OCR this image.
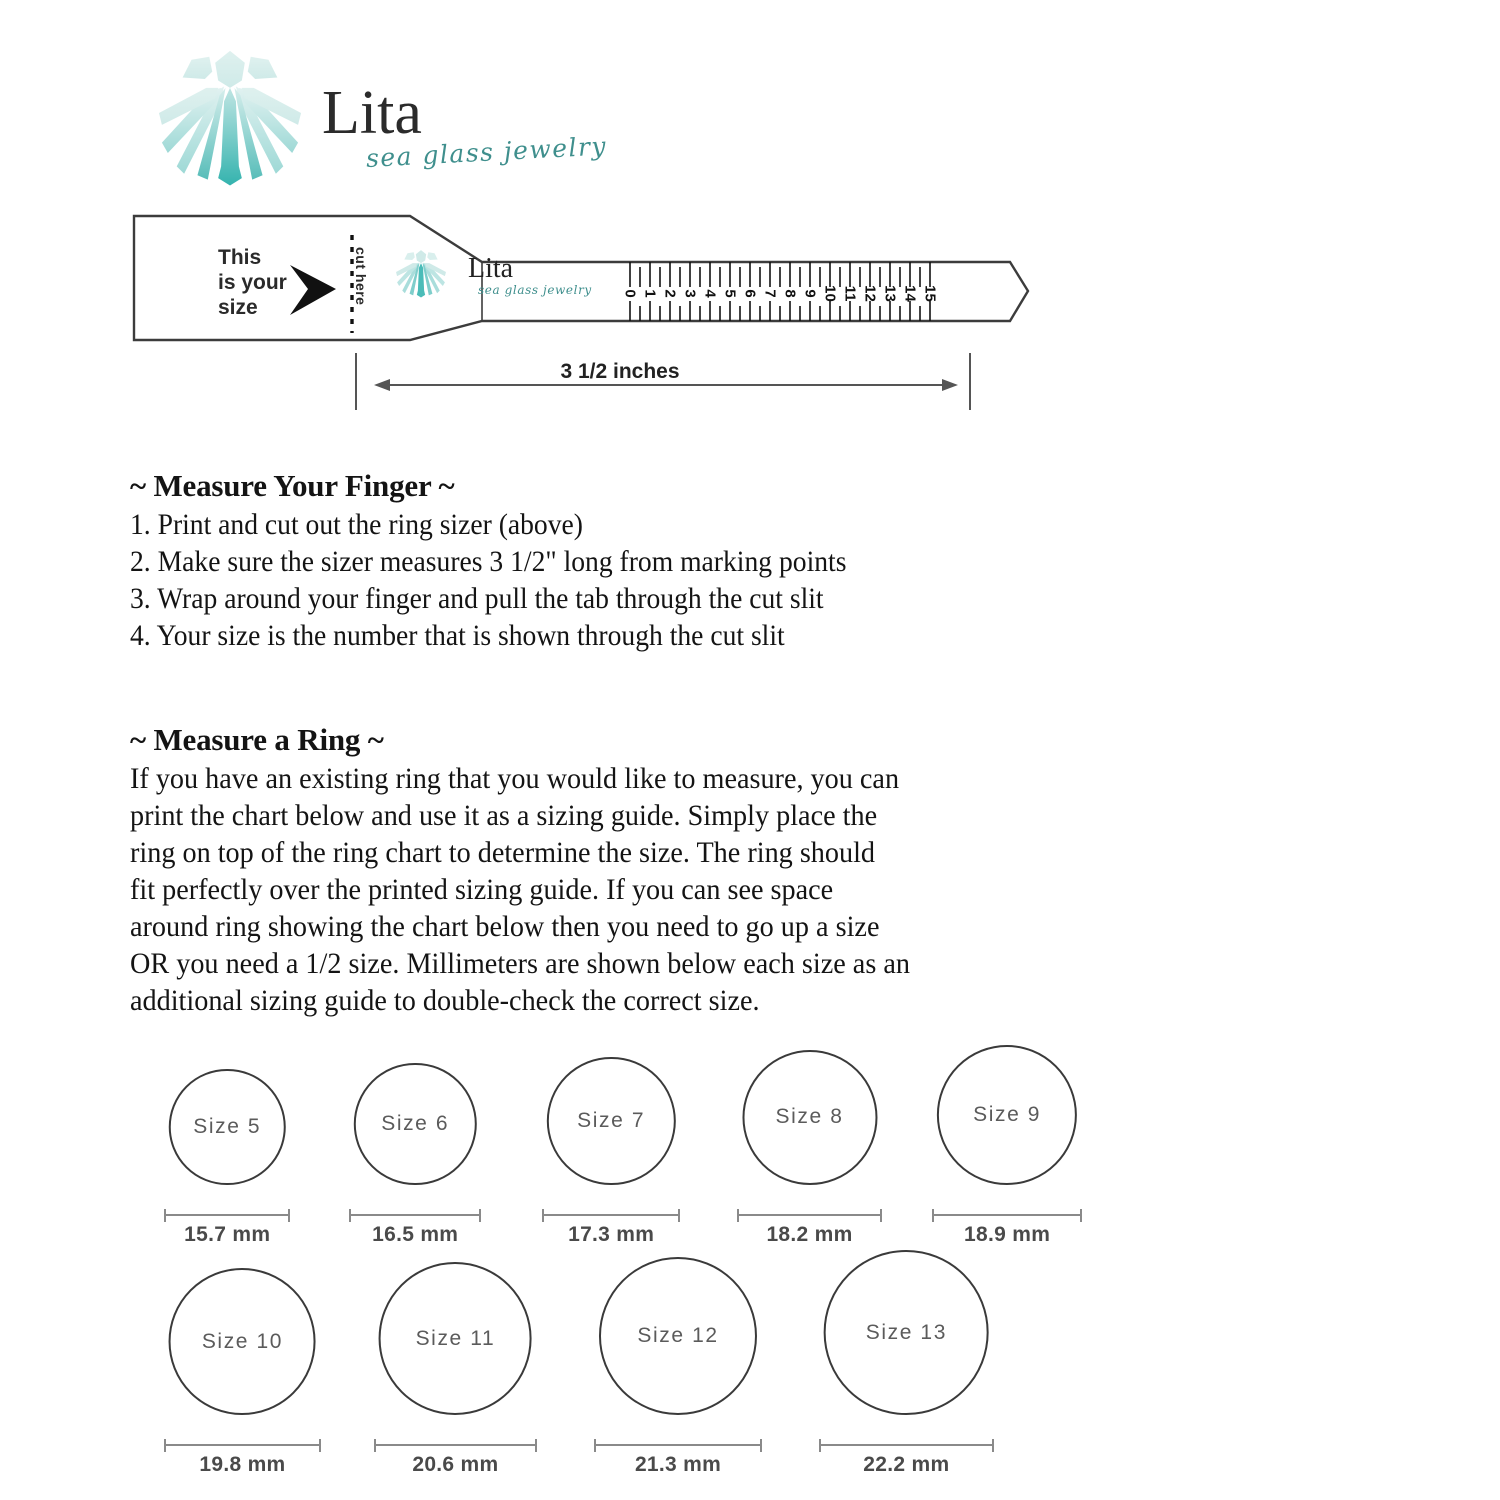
Lita
sea glass jewelry
This
is your
size
cut here	Lita
sea glass jewelry 0 1 2 3 4 5 6 7 8 9 10 11 12 13 14 15
3 1/2 inches
~ Measure Your Finger ~
1. Print and cut out the ring sizer (above)
2. Make sure the sizer measures 3 1/2" long from marking points
3. Wrap around your finger and pull the tab through the cut slit
4. Your size is the number that is shown through the cut slit
~ Measure a Ring ~
If you have an existing ring that you would like to measure, you can
print the chart below and use it as a sizing guide. Simply place the
ring on top of the ring chart to determine the size. The ring should
fit perfectly over the printed sizing guide. If you can see space
around ring showing the chart below then you need to go up a size
OR you need a 1/2 size. Millimeters are shown below each size as an
additional sizing guide to double-check the correct size.
Size 5
15.7 mm
Size 6
16.5 mm
Size 7
17.3 mm
Size 8
18.2 mm
Size 9
18.9 mm
Size 10
19.8 mm
Size 11
20.6 mm
Size 12
21.3 mm
Size 13
22.2 mm
